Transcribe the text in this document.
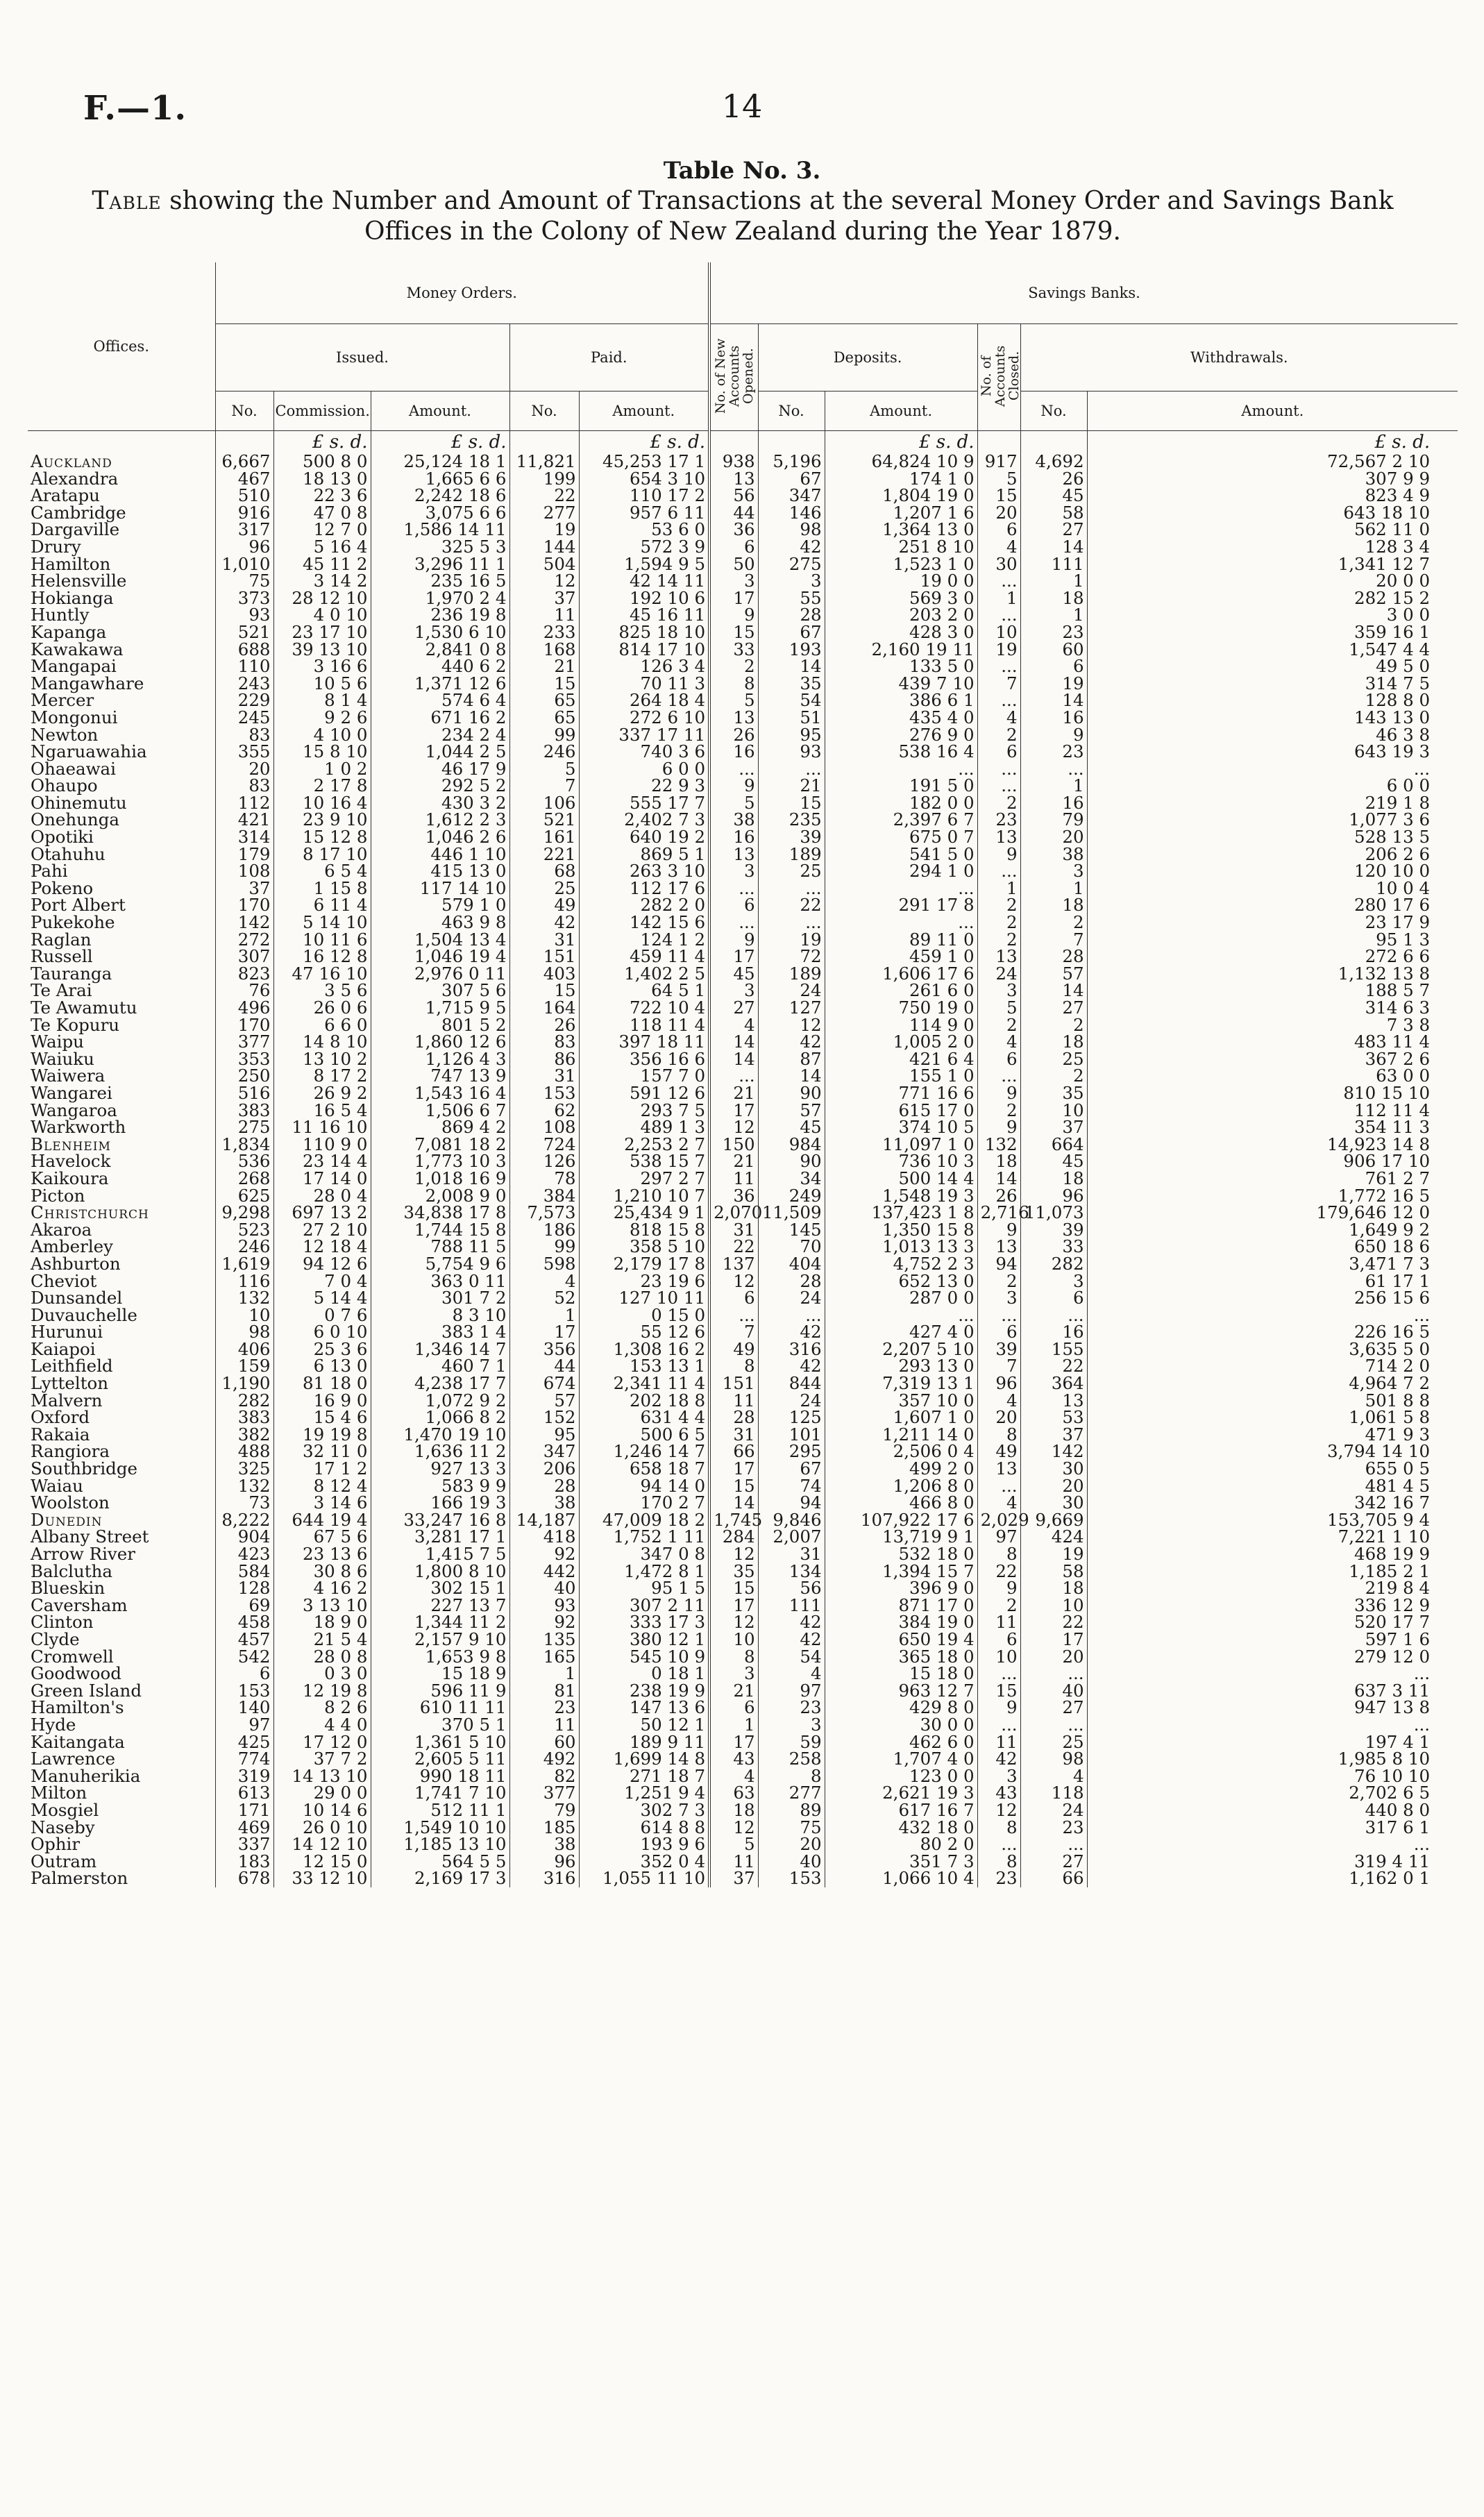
F.—1.	14
Table No. 3.
Table showing the Number and Amount of Transactions at the several Money Order and Savings Bank
Offices in the Colony of New Zealand during the Year 1879.
Offices.	Money Orders.					Savings Banks.					
	Issued.			Paid.		No. of New Accounts Opened.	Deposits.		No. of Accounts Closed.	Withdrawals.	
	No.	Commission.	Amount.	No.	Amount.		No.	Amount.		No.	Amount.
		£ s. d.	£ s. d.		£ s. d.			£ s. d.			£ s. d.
Auckland	6,667	500 8 0	25,124 18 1	11,821	45,253 17 1	938	5,196	64,824 10 9	917	4,692	72,567 2 10
Alexandra	467	18 13 0	1,665 6 6	199	654 3 10	13	67	174 1 0	5	26	307 9 9
Aratapu	510	22 3 6	2,242 18 6	22	110 17 2	56	347	1,804 19 0	15	45	823 4 9
Cambridge	916	47 0 8	3,075 6 6	277	957 6 11	44	146	1,207 1 6	20	58	643 18 10
Dargaville	317	12 7 0	1,586 14 11	19	53 6 0	36	98	1,364 13 0	6	27	562 11 0
Drury	96	5 16 4	325 5 3	144	572 3 9	6	42	251 8 10	4	14	128 3 4
Hamilton	1,010	45 11 2	3,296 11 1	504	1,594 9 5	50	275	1,523 1 0	30	111	1,341 12 7
Helensville	75	3 14 2	235 16 5	12	42 14 11	3	3	19 0 0	...	1	20 0 0
Hokianga	373	28 12 10	1,970 2 4	37	192 10 6	17	55	569 3 0	1	18	282 15 2
Huntly	93	4 0 10	236 19 8	11	45 16 11	9	28	203 2 0	...	1	3 0 0
Kapanga	521	23 17 10	1,530 6 10	233	825 18 10	15	67	428 3 0	10	23	359 16 1
Kawakawa	688	39 13 10	2,841 0 8	168	814 17 10	33	193	2,160 19 11	19	60	1,547 4 4
Mangapai	110	3 16 6	440 6 2	21	126 3 4	2	14	133 5 0	...	6	49 5 0
Mangawhare	243	10 5 6	1,371 12 6	15	70 11 3	8	35	439 7 10	7	19	314 7 5
Mercer	229	8 1 4	574 6 4	65	264 18 4	5	54	386 6 1	...	14	128 8 0
Mongonui	245	9 2 6	671 16 2	65	272 6 10	13	51	435 4 0	4	16	143 13 0
Newton	83	4 10 0	234 2 4	99	337 17 11	26	95	276 9 0	2	9	46 3 8
Ngaruawahia	355	15 8 10	1,044 2 5	246	740 3 6	16	93	538 16 4	6	23	643 19 3
Ohaeawai	20	1 0 2	46 17 9	5	6 0 0	...	...	...	...	...	...
Ohaupo	83	2 17 8	292 5 2	7	22 9 3	9	21	191 5 0	...	1	6 0 0
Ohinemutu	112	10 16 4	430 3 2	106	555 17 7	5	15	182 0 0	2	16	219 1 8
Onehunga	421	23 9 10	1,612 2 3	521	2,402 7 3	38	235	2,397 6 7	23	79	1,077 3 6
Opotiki	314	15 12 8	1,046 2 6	161	640 19 2	16	39	675 0 7	13	20	528 13 5
Otahuhu	179	8 17 10	446 1 10	221	869 5 1	13	189	541 5 0	9	38	206 2 6
Pahi	108	6 5 4	415 13 0	68	263 3 10	3	25	294 1 0	...	3	120 10 0
Pokeno	37	1 15 8	117 14 10	25	112 17 6	...	...	...	1	1	10 0 4
Port Albert	170	6 11 4	579 1 0	49	282 2 0	6	22	291 17 8	2	18	280 17 6
Pukekohe	142	5 14 10	463 9 8	42	142 15 6	...	...	...	2	2	23 17 9
Raglan	272	10 11 6	1,504 13 4	31	124 1 2	9	19	89 11 0	2	7	95 1 3
Russell	307	16 12 8	1,046 19 4	151	459 11 4	17	72	459 1 0	13	28	272 6 6
Tauranga	823	47 16 10	2,976 0 11	403	1,402 2 5	45	189	1,606 17 6	24	57	1,132 13 8
Te Arai	76	3 5 6	307 5 6	15	64 5 1	3	24	261 6 0	3	14	188 5 7
Te Awamutu	496	26 0 6	1,715 9 5	164	722 10 4	27	127	750 19 0	5	27	314 6 3
Te Kopuru	170	6 6 0	801 5 2	26	118 11 4	4	12	114 9 0	2	2	7 3 8
Waipu	377	14 8 10	1,860 12 6	83	397 18 11	14	42	1,005 2 0	4	18	483 11 4
Waiuku	353	13 10 2	1,126 4 3	86	356 16 6	14	87	421 6 4	6	25	367 2 6
Waiwera	250	8 17 2	747 13 9	31	157 7 0	...	14	155 1 0	...	2	63 0 0
Wangarei	516	26 9 2	1,543 16 4	153	591 12 6	21	90	771 16 6	9	35	810 15 10
Wangaroa	383	16 5 4	1,506 6 7	62	293 7 5	17	57	615 17 0	2	10	112 11 4
Warkworth	275	11 16 10	869 4 2	108	489 1 3	12	45	374 10 5	9	37	354 11 3
Blenheim	1,834	110 9 0	7,081 18 2	724	2,253 2 7	150	984	11,097 1 0	132	664	14,923 14 8
Havelock	536	23 14 4	1,773 10 3	126	538 15 7	21	90	736 10 3	18	45	906 17 10
Kaikoura	268	17 14 0	1,018 16 9	78	297 2 7	11	34	500 14 4	14	18	761 2 7
Picton	625	28 0 4	2,008 9 0	384	1,210 10 7	36	249	1,548 19 3	26	96	1,772 16 5
Christchurch	9,298	697 13 2	34,838 17 8	7,573	25,434 9 1	2,070	11,509	137,423 1 8	2,716	11,073	179,646 12 0
Akaroa	523	27 2 10	1,744 15 8	186	818 15 8	31	145	1,350 15 8	9	39	1,649 9 2
Amberley	246	12 18 4	788 11 5	99	358 5 10	22	70	1,013 13 3	13	33	650 18 6
Ashburton	1,619	94 12 6	5,754 9 6	598	2,179 17 8	137	404	4,752 2 3	94	282	3,471 7 3
Cheviot	116	7 0 4	363 0 11	4	23 19 6	12	28	652 13 0	2	3	61 17 1
Dunsandel	132	5 14 4	301 7 2	52	127 10 11	6	24	287 0 0	3	6	256 15 6
Duvauchelle	10	0 7 6	8 3 10	1	0 15 0	...	...	...	...	...	...
Hurunui	98	6 0 10	383 1 4	17	55 12 6	7	42	427 4 0	6	16	226 16 5
Kaiapoi	406	25 3 6	1,346 14 7	356	1,308 16 2	49	316	2,207 5 10	39	155	3,635 5 0
Leithfield	159	6 13 0	460 7 1	44	153 13 1	8	42	293 13 0	7	22	714 2 0
Lyttelton	1,190	81 18 0	4,238 17 7	674	2,341 11 4	151	844	7,319 13 1	96	364	4,964 7 2
Malvern	282	16 9 0	1,072 9 2	57	202 18 8	11	24	357 10 0	4	13	501 8 8
Oxford	383	15 4 6	1,066 8 2	152	631 4 4	28	125	1,607 1 0	20	53	1,061 5 8
Rakaia	382	19 19 8	1,470 19 10	95	500 6 5	31	101	1,211 14 0	8	37	471 9 3
Rangiora	488	32 11 0	1,636 11 2	347	1,246 14 7	66	295	2,506 0 4	49	142	3,794 14 10
Southbridge	325	17 1 2	927 13 3	206	658 18 7	17	67	499 2 0	13	30	655 0 5
Waiau	132	8 12 4	583 9 9	28	94 14 0	15	74	1,206 8 0	...	20	481 4 5
Woolston	73	3 14 6	166 19 3	38	170 2 7	14	94	466 8 0	4	30	342 16 7
Dunedin	8,222	644 19 4	33,247 16 8	14,187	47,009 18 2	1,745	9,846	107,922 17 6	2,029	9,669	153,705 9 4
Albany Street	904	67 5 6	3,281 17 1	418	1,752 1 11	284	2,007	13,719 9 1	97	424	7,221 1 10
Arrow River	423	23 13 6	1,415 7 5	92	347 0 8	12	31	532 18 0	8	19	468 19 9
Balclutha	584	30 8 6	1,800 8 10	442	1,472 8 1	35	134	1,394 15 7	22	58	1,185 2 1
Blueskin	128	4 16 2	302 15 1	40	95 1 5	15	56	396 9 0	9	18	219 8 4
Caversham	69	3 13 10	227 13 7	93	307 2 11	17	111	871 17 0	2	10	336 12 9
Clinton	458	18 9 0	1,344 11 2	92	333 17 3	12	42	384 19 0	11	22	520 17 7
Clyde	457	21 5 4	2,157 9 10	135	380 12 1	10	42	650 19 4	6	17	597 1 6
Cromwell	542	28 0 8	1,653 9 8	165	545 10 9	8	54	365 18 0	10	20	279 12 0
Goodwood	6	0 3 0	15 18 9	1	0 18 1	3	4	15 18 0	...	...	...
Green Island	153	12 19 8	596 11 9	81	238 19 9	21	97	963 12 7	15	40	637 3 11
Hamilton's	140	8 2 6	610 11 11	23	147 13 6	6	23	429 8 0	9	27	947 13 8
Hyde	97	4 4 0	370 5 1	11	50 12 1	1	3	30 0 0	...	...	...
Kaitangata	425	17 12 0	1,361 5 10	60	189 9 11	17	59	462 6 0	11	25	197 4 1
Lawrence	774	37 7 2	2,605 5 11	492	1,699 14 8	43	258	1,707 4 0	42	98	1,985 8 10
Manuherikia	319	14 13 10	990 18 11	82	271 18 7	4	8	123 0 0	3	4	76 10 10
Milton	613	29 0 0	1,741 7 10	377	1,251 9 4	63	277	2,621 19 3	43	118	2,702 6 5
Mosgiel	171	10 14 6	512 11 1	79	302 7 3	18	89	617 16 7	12	24	440 8 0
Naseby	469	26 0 10	1,549 10 10	185	614 8 8	12	75	432 18 0	8	23	317 6 1
Ophir	337	14 12 10	1,185 13 10	38	193 9 6	5	20	80 2 0	...	...	...
Outram	183	12 15 0	564 5 5	96	352 0 4	11	40	351 7 3	8	27	319 4 11
Palmerston	678	33 12 10	2,169 17 3	316	1,055 11 10	37	153	1,066 10 4	23	66	1,162 0 1
